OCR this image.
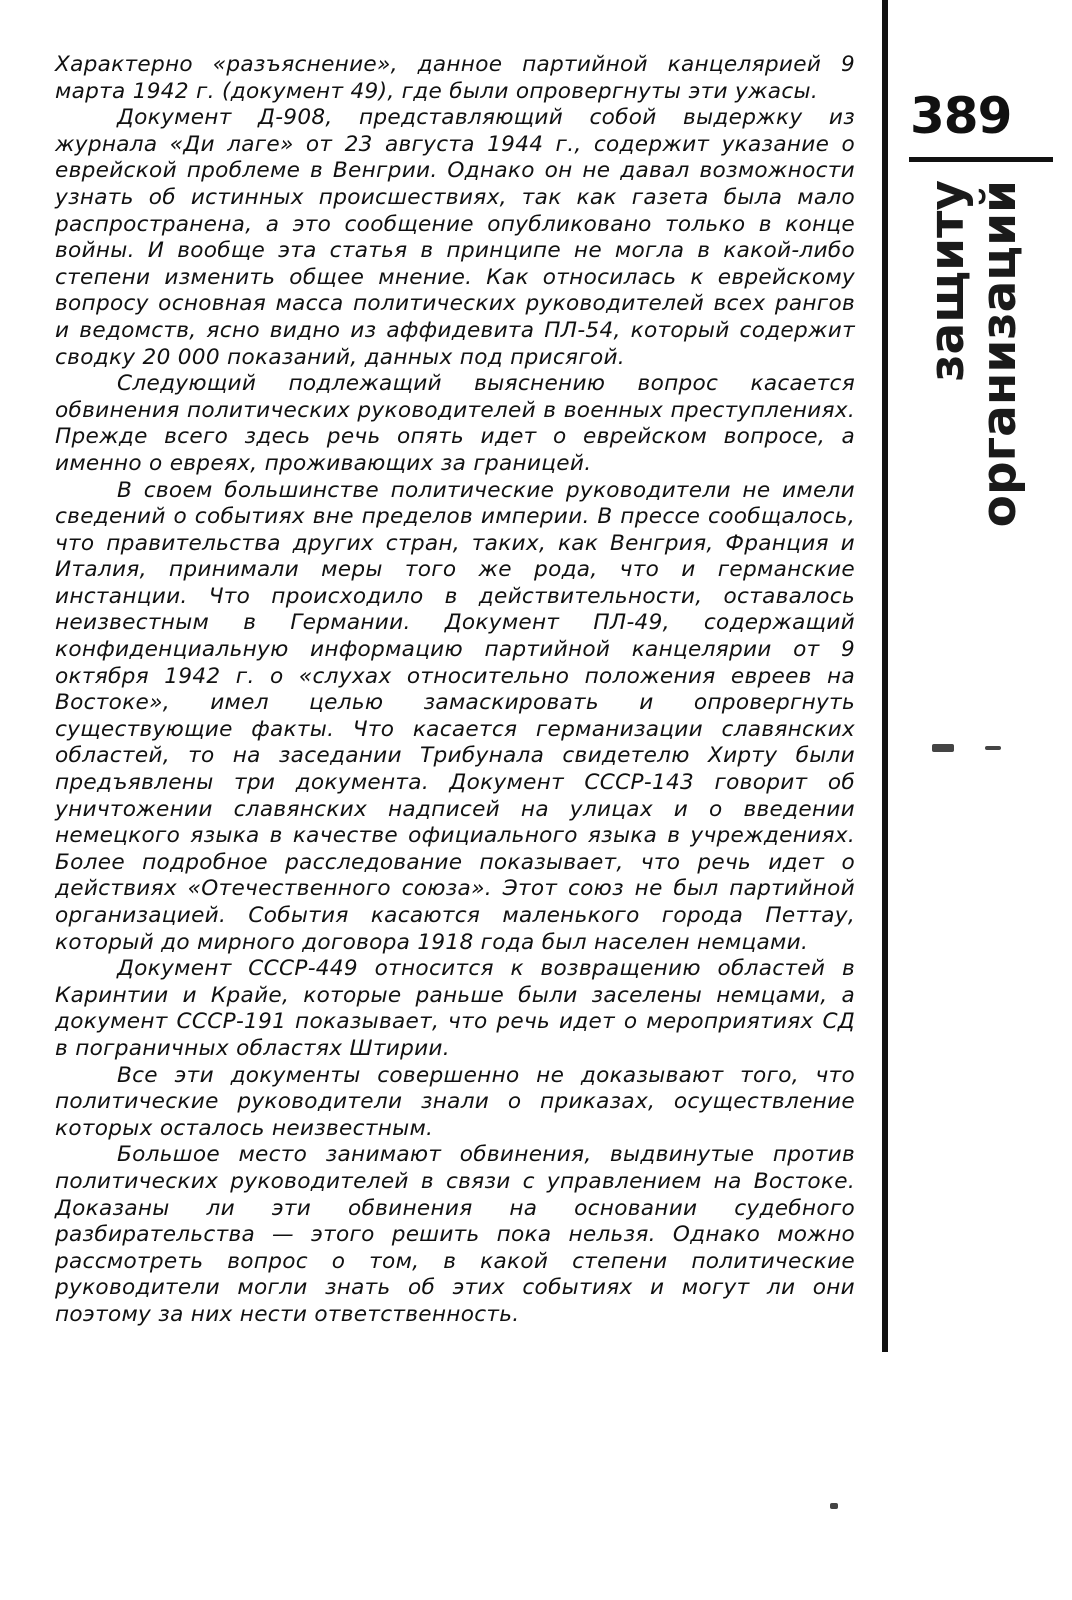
Характерно «разъяснение», данное партийной канцелярией 9 марта 1942 г. (документ 49), где были опровергнуты эти ужасы.

Документ Д-908, представляющий собой выдержку из журнала «Ди лаге» от 23 августа 1944 г., содержит указание о еврейской проблеме в Венгрии. Однако он не давал возможности узнать об истинных происшествиях, так как газета была мало распространена, а это сообщение опубликовано только в конце войны. И вообще эта статья в принципе не могла в какой-либо степени изменить общее мнение. Как относилась к еврейскому вопросу основная масса политических руководителей всех рангов и ведомств, ясно видно из аффидевита ПЛ-54, который содержит сводку 20 000 показаний, данных под присягой.

Следующий подлежащий выяснению вопрос касается обвинения политических руководителей в военных преступлениях. Прежде всего здесь речь опять идет о еврейском вопросе, а именно о евреях, проживающих за границей.

В своем большинстве политические руководители не имели сведений о событиях вне пределов империи. В прессе сообщалось, что правительства других стран, таких, как Венгрия, Франция и Италия, принимали меры того же рода, что и германские инстанции. Что происходило в действительности, оставалось неизвестным в Германии. Документ ПЛ-49, содержащий конфиденциальную информацию партийной канцелярии от 9 октября 1942 г. о «слухах относительно положения евреев на Востоке», имел целью замаскировать и опровергнуть существующие факты. Что касается германизации славянских областей, то на заседании Трибунала свидетелю Хирту были предъявлены три документа. Документ СССР-143 говорит об уничтожении славянских надписей на улицах и о введении немецкого языка в качестве официального языка в учреждениях. Более подробное расследование показывает, что речь идет о действиях «Отечественного союза». Этот союз не был партийной организацией. События касаются маленького города Петтау, который до мирного договора 1918 года был населен немцами.

Документ СССР-449 относится к возвращению областей в Каринтии и Крайе, которые раньше были заселены немцами, а документ СССР-191 показывает, что речь идет о мероприятиях СД в пограничных областях Штирии.

Все эти документы совершенно не доказывают того, что политические руководители знали о приказах, осуществление которых осталось неизвестным.

Большое место занимают обвинения, выдвинутые против политических руководителей в связи с управлением на Востоке. Доказаны ли эти обвинения на основании судебного разбирательства — этого решить пока нельзя. Однако можно рассмотреть вопрос о том, в какой степени политические руководители могли знать об этих событиях и могут ли они поэтому за них нести ответственность.

389
защиту
организаций
